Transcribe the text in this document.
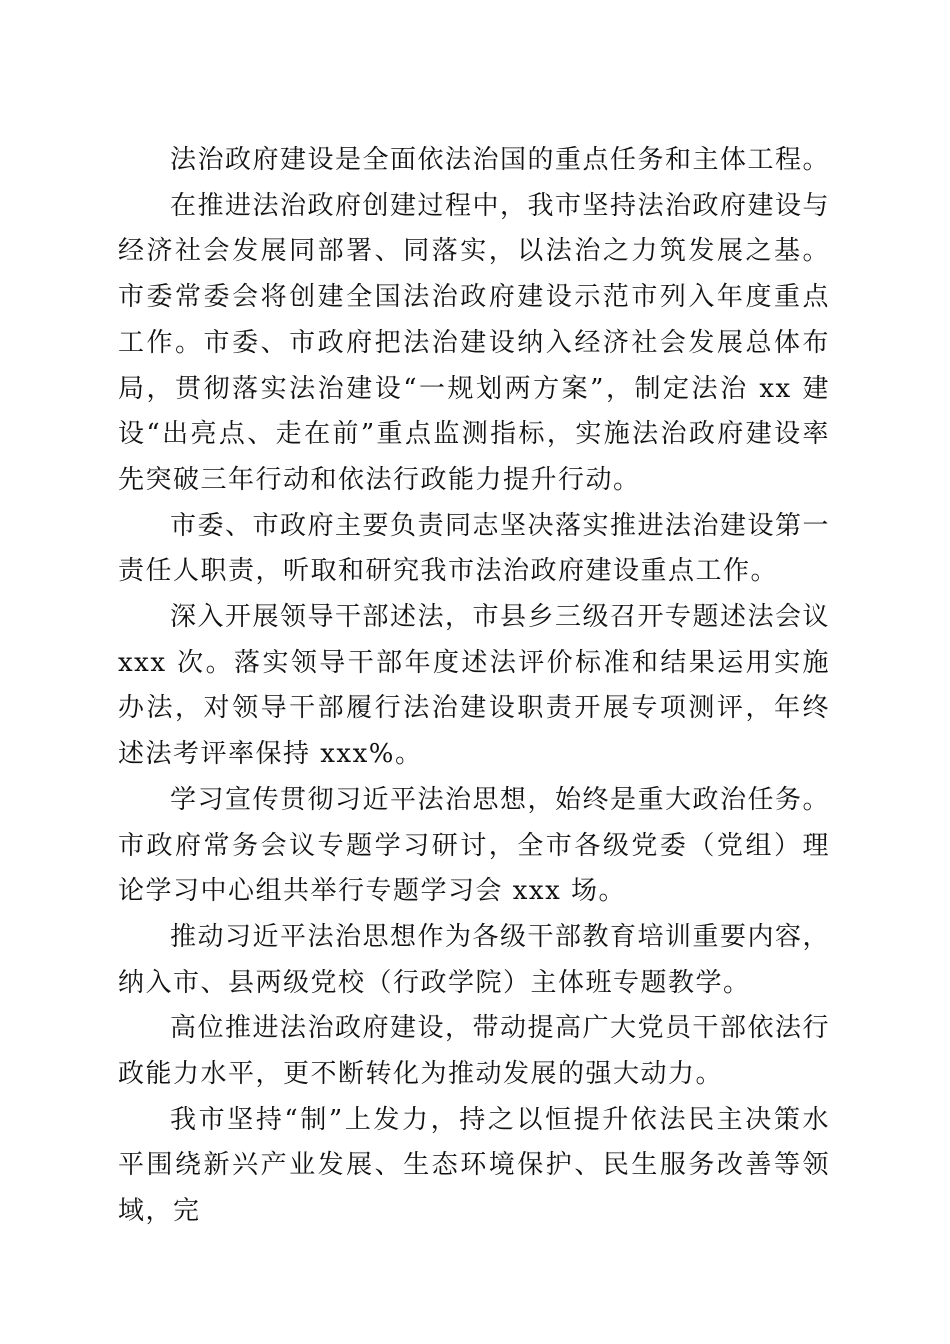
法治政府建设是全面依法治国的重点任务和主体工程。

在推进法治政府创建过程中，我市坚持法治政府建设与经济社会发展同部署、同落实，以法治之力筑发展之基。市委常委会将创建全国法治政府建设示范市列入年度重点工作。市委、市政府把法治建设纳入经济社会发展总体布局，贯彻落实法治建设“一规划两方案”，制定法治 xx 建设“出亮点、走在前”重点监测指标，实施法治政府建设率先突破三年行动和依法行政能力提升行动。

市委、市政府主要负责同志坚决落实推进法治建设第一责任人职责，听取和研究我市法治政府建设重点工作。

深入开展领导干部述法，市县乡三级召开专题述法会议 xxx 次。落实领导干部年度述法评价标准和结果运用实施办法，对领导干部履行法治建设职责开展专项测评，年终述法考评率保持 xxx%。

学习宣传贯彻习近平法治思想，始终是重大政治任务。市政府常务会议专题学习研讨，全市各级党委（党组）理论学习中心组共举行专题学习会 xxx 场。

推动习近平法治思想作为各级干部教育培训重要内容，纳入市、县两级党校（行政学院）主体班专题教学。

高位推进法治政府建设，带动提高广大党员干部依法行政能力水平，更不断转化为推动发展的强大动力。

我市坚持“制”上发力，持之以恒提升依法民主决策水平围绕新兴产业发展、生态环境保护、民生服务改善等领域，完
